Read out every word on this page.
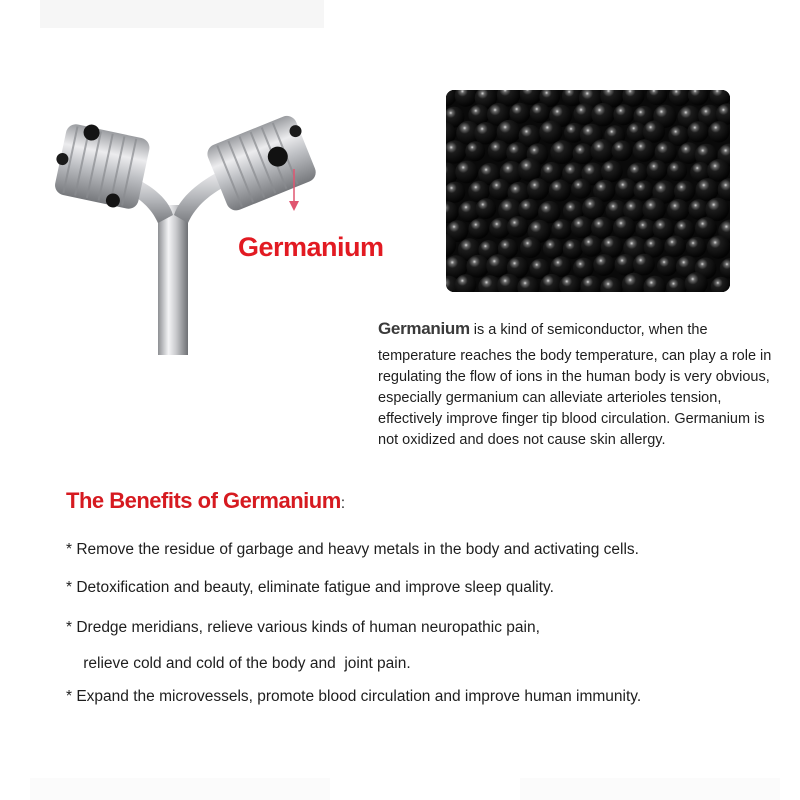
Germanium
Germanium is a kind of semiconductor, when the
temperature reaches the body temperature, can play a role in regulating the flow of ions in the human body is very obvious, especially germanium can alleviate arterioles tension, effectively improve finger tip blood circulation. Germanium is not oxidized and does not cause skin allergy.
The Benefits of Germanium:
* Remove the residue of garbage and heavy metals in the body and activating cells.
* Detoxification and beauty, eliminate fatigue and improve sleep quality.
* Dredge meridians, relieve various kinds of human neuropathic pain,
relieve cold and cold of the body and  joint pain.
* Expand the microvessels, promote blood circulation and improve human immunity.
